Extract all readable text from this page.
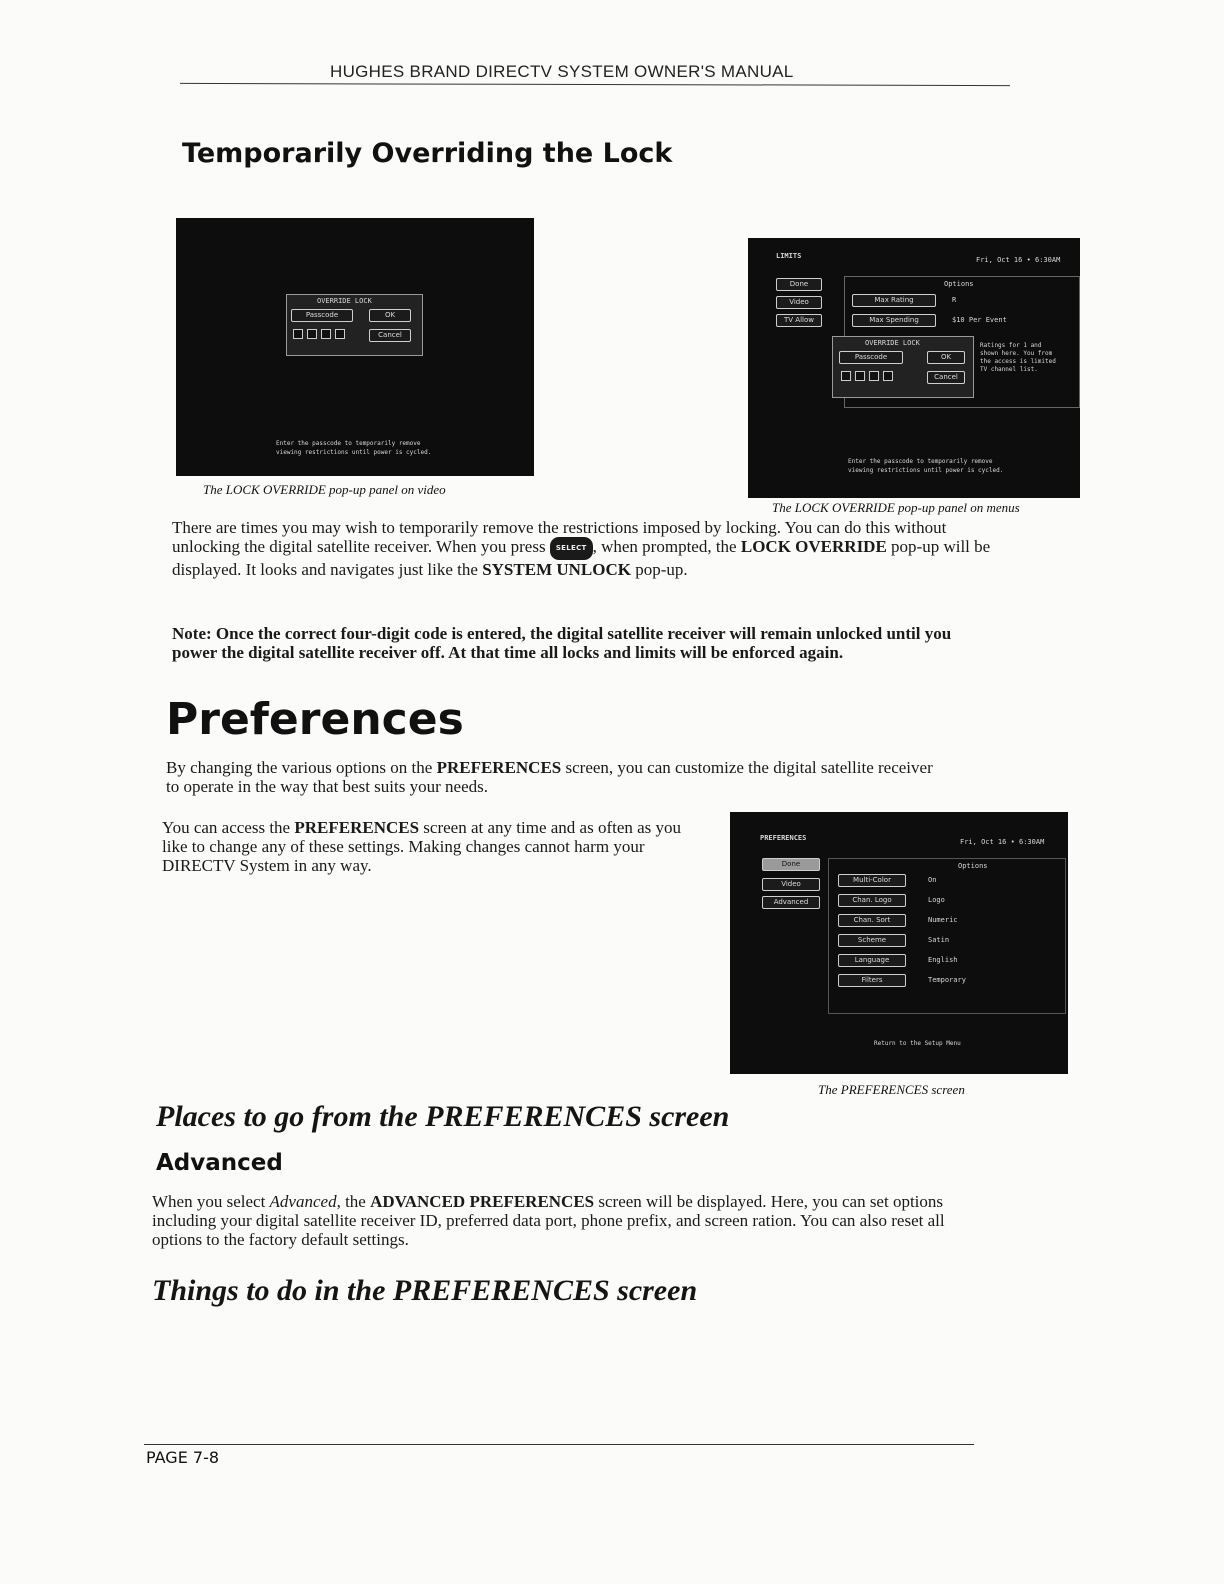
HUGHES BRAND DIRECTV SYSTEM OWNER'S MANUAL
Temporarily Overriding the Lock
OVERRIDE LOCK
Passcode	OK
Cancel
Enter the passcode to temporarily remove
viewing restrictions until power is cycled.
The LOCK OVERRIDE pop-up panel on video
LIMITS	Fri, Oct 16 • 6:30AM
Done
Video
TV Allow
Options
Max Rating	R
Max Spending	$10 Per Event
OVERRIDE LOCK
Passcode	OK
Cancel
Ratings for 1 and shown here. You from the access is limited TV channel list.
Enter the passcode to temporarily remove
viewing restrictions until power is cycled.
The LOCK OVERRIDE pop-up panel on menus
There are times you may wish to temporarily remove the restrictions imposed by locking. You can do this without unlocking the digital satellite receiver. When you press SELECT , when prompted, the LOCK OVERRIDE pop-up will be displayed. It looks and navigates just like the SYSTEM UNLOCK pop-up.
Note: Once the correct four-digit code is entered, the digital satellite receiver will remain unlocked until you power the digital satellite receiver off. At that time all locks and limits will be enforced again.
Preferences
By changing the various options on the PREFERENCES screen, you can customize the digital satellite receiver to operate in the way that best suits your needs.
You can access the PREFERENCES screen at any time and as often as you like to change any of these settings. Making changes cannot harm your DIRECTV System in any way.
PREFERENCES	Fri, Oct 16 • 6:30AM
Done
Video
Advanced
Options
Multi-Color	On
Chan. Logo	Logo
Chan. Sort	Numeric
Scheme	Satin
Language	English
Filters	Temporary
Return to the Setup Menu
The PREFERENCES screen
Places to go from the PREFERENCES screen
Advanced
When you select Advanced, the ADVANCED PREFERENCES screen will be displayed. Here, you can set options including your digital satellite receiver ID, preferred data port, phone prefix, and screen ration. You can also reset all options to the factory default settings.
Things to do in the PREFERENCES screen
PAGE 7-8
